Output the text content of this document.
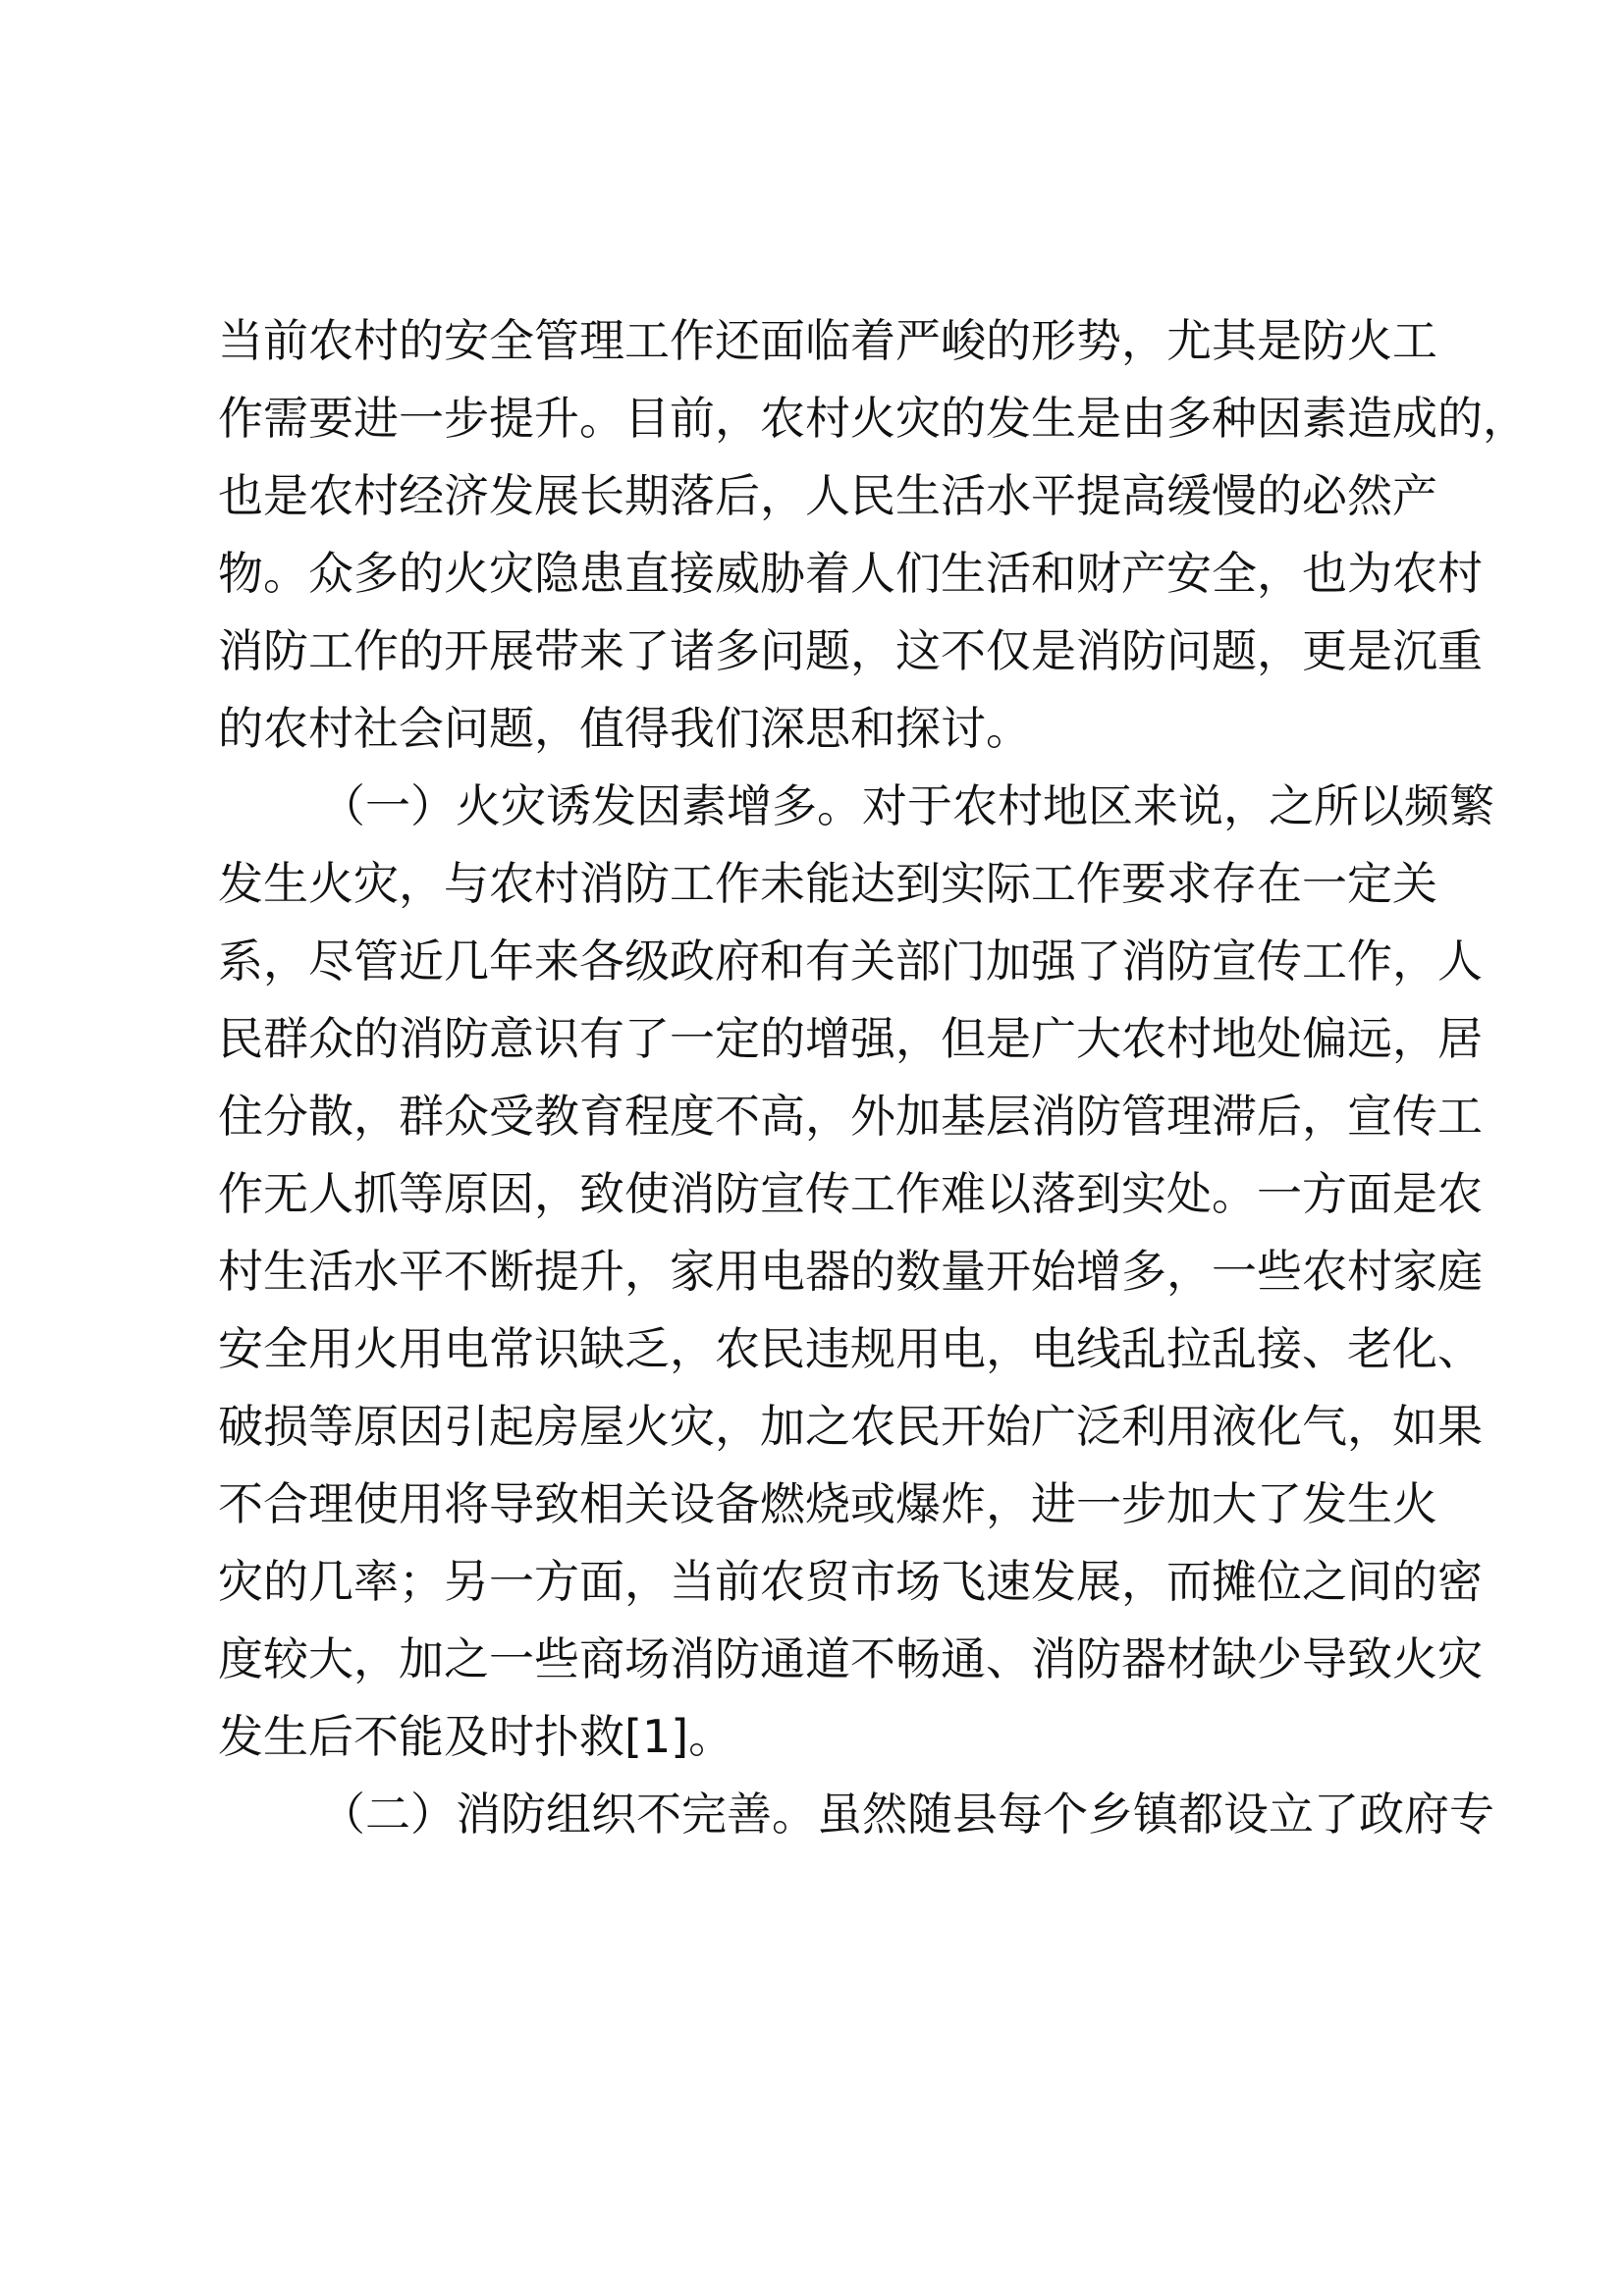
当前农村的安全管理工作还面临着严峻的形势，尤其是防火工
作需要进一步提升。目前，农村火灾的发生是由多种因素造成的，
也是农村经济发展长期落后，人民生活水平提高缓慢的必然产
物。众多的火灾隐患直接威胁着人们生活和财产安全，也为农村
消防工作的开展带来了诸多问题，这不仅是消防问题，更是沉重
的农村社会问题，值得我们深思和探讨。
（一）火灾诱发因素增多。对于农村地区来说，之所以频繁
发生火灾，与农村消防工作未能达到实际工作要求存在一定关
系，尽管近几年来各级政府和有关部门加强了消防宣传工作，人
民群众的消防意识有了一定的增强，但是广大农村地处偏远，居
住分散，群众受教育程度不高，外加基层消防管理滞后，宣传工
作无人抓等原因，致使消防宣传工作难以落到实处。一方面是农
村生活水平不断提升，家用电器的数量开始增多，一些农村家庭
安全用火用电常识缺乏，农民违规用电，电线乱拉乱接、老化、
破损等原因引起房屋火灾，加之农民开始广泛利用液化气，如果
不合理使用将导致相关设备燃烧或爆炸，进一步加大了发生火
灾的几率；另一方面，当前农贸市场飞速发展，而摊位之间的密
度较大，加之一些商场消防通道不畅通、消防器材缺少导致火灾
发生后不能及时扑救[1]。
（二）消防组织不完善。虽然随县每个乡镇都设立了政府专
